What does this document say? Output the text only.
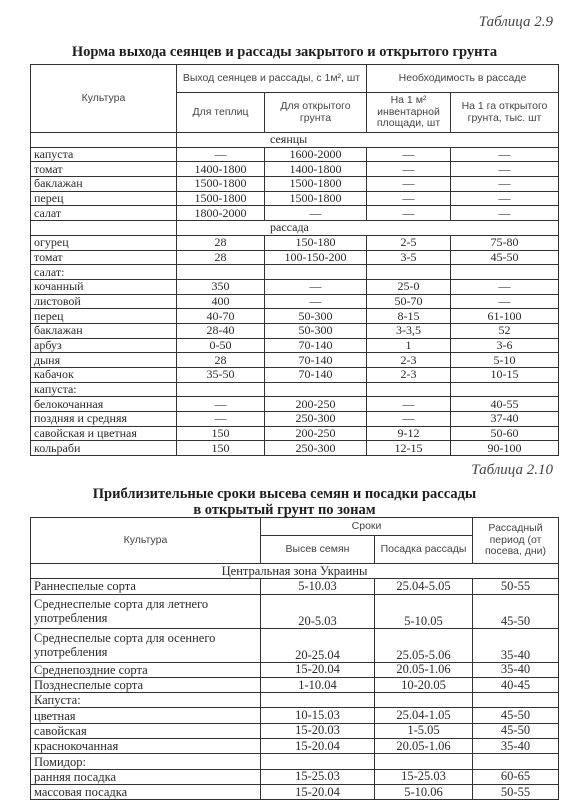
Таблица 2.9
Норма выхода сеянцев и рассады закрытого и открытого грунта
Культура	Выход сеянцев и рассады, с 1м², шт		Необходимость в рассаде	
	Для теплиц	Для открытого грунта	На 1 м² инвентарной площади, шт	На 1 га открытого грунта, тыс. шт
	сеянцы			
капуста	—	1600-2000	—	—
томат	1400-1800	1400-1800	—	—
баклажан	1500-1800	1500-1800	—	—
перец	1500-1800	1500-1800	—	—
салат	1800-2000	—	—	—
	рассада			
огурец	28	150-180	2-5	75-80
томат	28	100-150-200	3-5	45-50
салат:				
кочанный	350	—	25-0	—
листовой	400	—	50-70	—
перец	40-70	50-300	8-15	61-100
баклажан	28-40	50-300	3-3,5	52
арбуз	0-50	70-140	1	3-6
дыня	28	70-140	2-3	5-10
кабачок	35-50	70-140	2-3	10-15
капуста:				
белокочанная	—	200-250	—	40-55
поздняя и средняя	—	250-300	—	37-40
савойская и цветная	150	200-250	9-12	50-60
кольраби	150	250-300	12-15	90-100
Таблица 2.10
Приблизительные сроки высева семян и посадки рассады
в открытый грунт по зонам
Культура	Сроки		Рассадный период (от посева, дни)
	Высев семян	Посадка рассады	
Центральная зона Украины			
Раннеспелые сорта	5-10.03	25.04-5.05	50-55
Среднеспелые сорта для летнего употребления	20-5.03	5-10.05	45-50
Среднеспелые сорта для осеннего употребления	20-25.04	25.05-5.06	35-40
Среднепоздние сорта	15-20.04	20.05-1.06	35-40
Позднеспелые сорта	1-10.04	10-20.05	40-45
Капуста:			
цветная	10-15.03	25.04-1.05	45-50
савойская	15-20.03	1-5.05	45-50
краснокочанная	15-20.04	20.05-1.06	35-40
Помидор:			
ранняя посадка	15-25.03	15-25.03	60-65
массовая посадка	15-20.04	5-10.06	50-55
